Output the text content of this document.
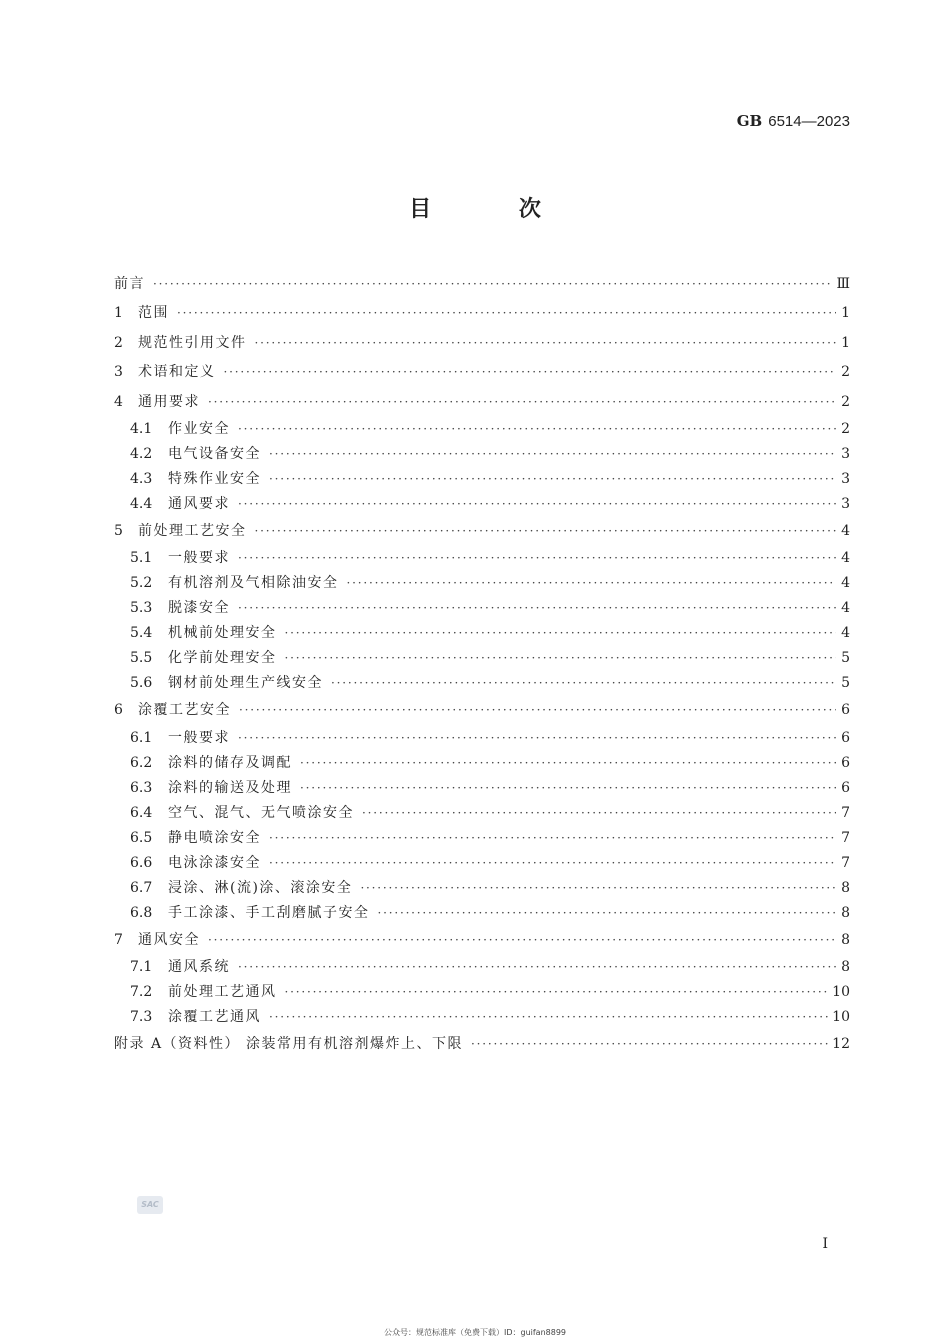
GB 6514—2023
目 次
前言 ·····	Ⅲ
1	范围 ·····	1
2	规范性引用文件 ·····	1
3	术语和定义 ·····	2
4	通用要求 ·····	2
4.1	作业安全 ·····	2
4.2	电气设备安全 ·····	3
4.3	特殊作业安全 ·····	3
4.4	通风要求 ·····	3
5	前处理工艺安全 ·····	4
5.1	一般要求 ·····	4
5.2	有机溶剂及气相除油安全 ·····	4
5.3	脱漆安全 ·····	4
5.4	机械前处理安全 ·····	4
5.5	化学前处理安全 ·····	5
5.6	钢材前处理生产线安全 ·····	5
6	涂覆工艺安全 ·····	6
6.1	一般要求 ·····	6
6.2	涂料的储存及调配 ·····	6
6.3	涂料的输送及处理 ·····	6
6.4	空气、混气、无气喷涂安全 ·····	7
6.5	静电喷涂安全 ·····	7
6.6	电泳涂漆安全 ·····	7
6.7	浸涂、淋(流)涂、滚涂安全 ·····	8
6.8	手工涂漆、手工刮磨腻子安全 ·····	8
7	通风安全 ·····	8
7.1	通风系统 ·····	8
7.2	前处理工艺通风 ·····	10
7.3	涂覆工艺通风 ·····	10
附录 A（资料性） 涂装常用有机溶剂爆炸上、下限 ·····	12
SAC
Ⅰ
公众号：规范标准库（免费下载）ID：guifan8899
